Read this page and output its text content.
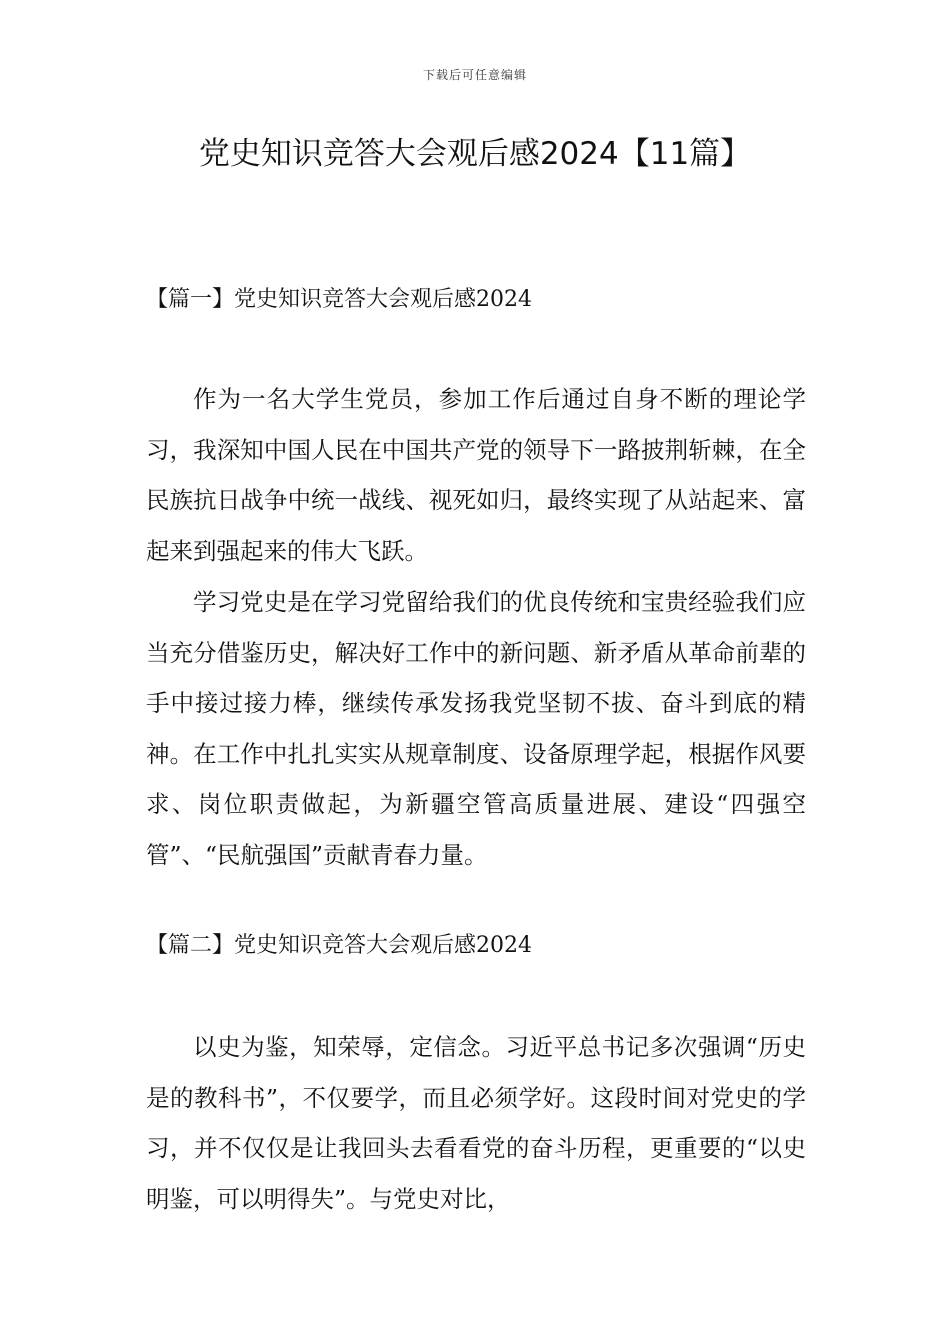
下载后可任意编辑
党史知识竞答大会观后感2024【11篇】
【篇一】党史知识竞答大会观后感2024

作为一名大学生党员，参加工作后通过自身不断的理论学习，我深知中国人民在中国共产党的领导下一路披荆斩棘，在全民族抗日战争中统一战线、视死如归，最终实现了从站起来、富起来到强起来的伟大飞跃。

学习党史是在学习党留给我们的优良传统和宝贵经验我们应当充分借鉴历史，解决好工作中的新问题、新矛盾从革命前辈的手中接过接力棒，继续传承发扬我党坚韧不拔、奋斗到底的精神。在工作中扎扎实实从规章制度、设备原理学起，根据作风要求、岗位职责做起，为新疆空管高质量进展、建设“四强空管”、“民航强国”贡献青春力量。

【篇二】党史知识竞答大会观后感2024

以史为鉴，知荣辱，定信念。习近平总书记多次强调“历史是的教科书”，不仅要学，而且必须学好。这段时间对党史的学习，并不仅仅是让我回头去看看党的奋斗历程，更重要的“以史明鉴，可以明得失”。与党史对比，
